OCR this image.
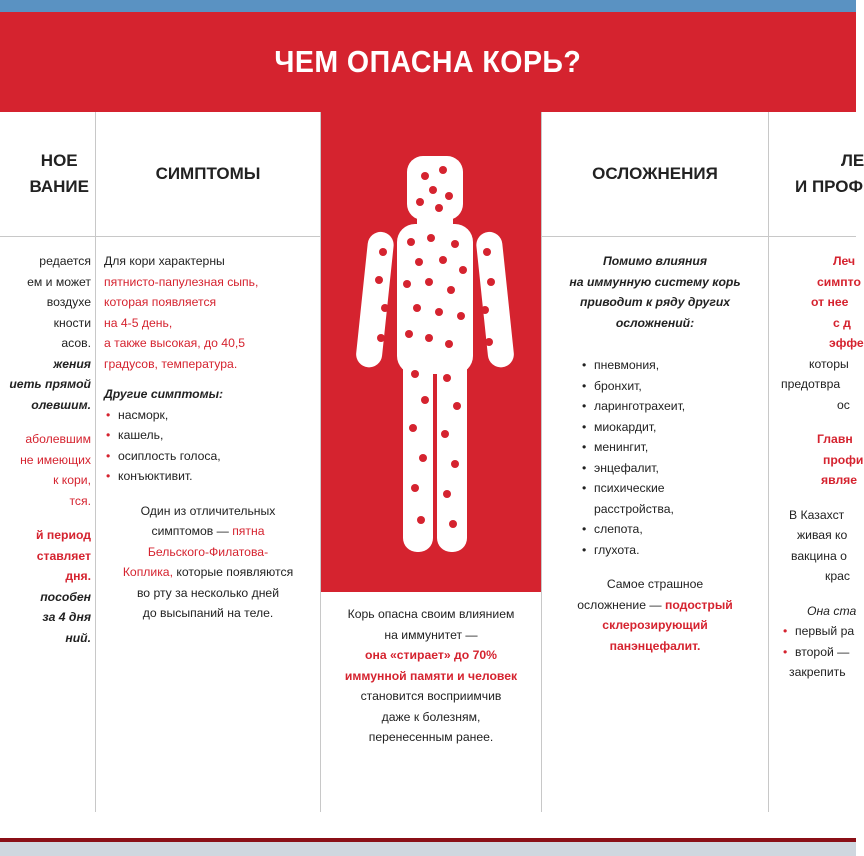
ЧЕМ ОПАСНА КОРЬ?
НОЕ
ВАНИЕ
редается
ем и может
воздухе
кности
асов.
жения
иеть прямой
олевшим.
аболевшим
не имеющих
к кори,
тся.
й период
ставляет
дня.
пособен
за 4 дня
ний.
СИМПТОМЫ
Для кори характерны
пятнисто-папулезная сыпь,
которая появляется
на 4-5 день,
а также высокая, до 40,5
градусов, температура.
Другие симптомы:
• насморк,
• кашель,
• осиплость голоса,
• конъюктивит.
Один из отличительных
симптомов — пятна
Бельского-Филатова-
Коплика, которые появляются
во рту за несколько дней
до высыпаний на теле.	Корь опасна своим влиянием
на иммунитет —
она «стирает» до 70%
иммунной памяти и человек
становится восприимчив
даже к болезням,
перенесенным ранее.
ОСЛОЖНЕНИЯ
Помимо влияния
на иммунную систему корь
приводит к ряду других
осложнений:
• пневмония,
• бронхит,
• ларинготрахеит,
• миокардит,
• менингит,
• энцефалит,
• психические расстройства,
• слепота,
• глухота.
Самое страшное
осложнение — подострый
склерозирующий
панэнцефалит.
ЛЕ
И ПРОФ
Леч
симпто
от нее
с д
эффе
которы
предотвра
ос
Главн
профи
являе
В Казахст
живая ко
вакцина о
крас
Она ста
• первый ра
• второй —
закрепить
